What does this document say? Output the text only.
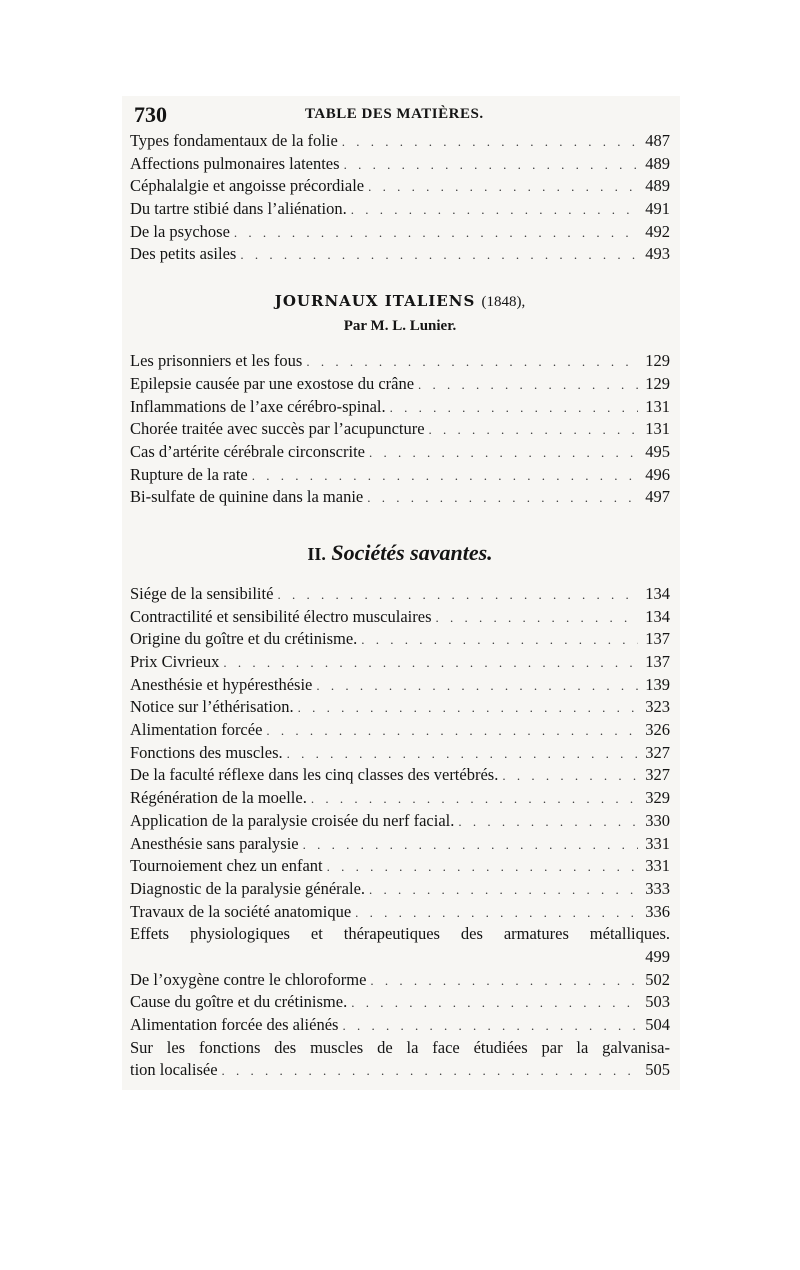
730	TABLE DES MATIÈRES.
Types fondamentaux de la folie . . .	487
Affections pulmonaires latentes . . .	489
Céphalalgie et angoisse précordiale . . .	489
Du tartre stibié dans l’aliénation. . . .	491
De la psychose . . .	492
Des petits asiles . . .	493
JOURNAUX ITALIENS (1848),
Par M. L. Lunier.
Les prisonniers et les fous . . .	129
Epilepsie causée par une exostose du crâne . . .	129
Inflammations de l’axe cérébro-spinal. . . .	131
Chorée traitée avec succès par l’acupuncture . . .	131
Cas d’artérite cérébrale circonscrite . . .	495
Rupture de la rate . . .	496
Bi-sulfate de quinine dans la manie . . .	497
II. Sociétés savantes.
Siége de la sensibilité . . .	134
Contractilité et sensibilité électro musculaires . . .	134
Origine du goître et du crétinisme. . . .	137
Prix Civrieux . . .	137
Anesthésie et hypéresthésie . . .	139
Notice sur l’éthérisation. . . .	323
Alimentation forcée . . .	326
Fonctions des muscles. . . .	327
De la faculté réflexe dans les cinq classes des vertébrés. . . .	327
Régénération de la moelle. . . .	329
Application de la paralysie croisée du nerf facial. . . .	330
Anesthésie sans paralysie . . .	331
Tournoiement chez un enfant . . .	331
Diagnostic de la paralysie générale. . . .	333
Travaux de la société anatomique . . .	336
Effets physiologiques et thérapeutiques des armatures métalliques.
499
De l’oxygène contre le chloroforme . . .	502
Cause du goître et du crétinisme. . . .	503
Alimentation forcée des aliénés . . .	504
Sur les fonctions des muscles de la face étudiées par la galvanisa-
tion localisée . . .	505
